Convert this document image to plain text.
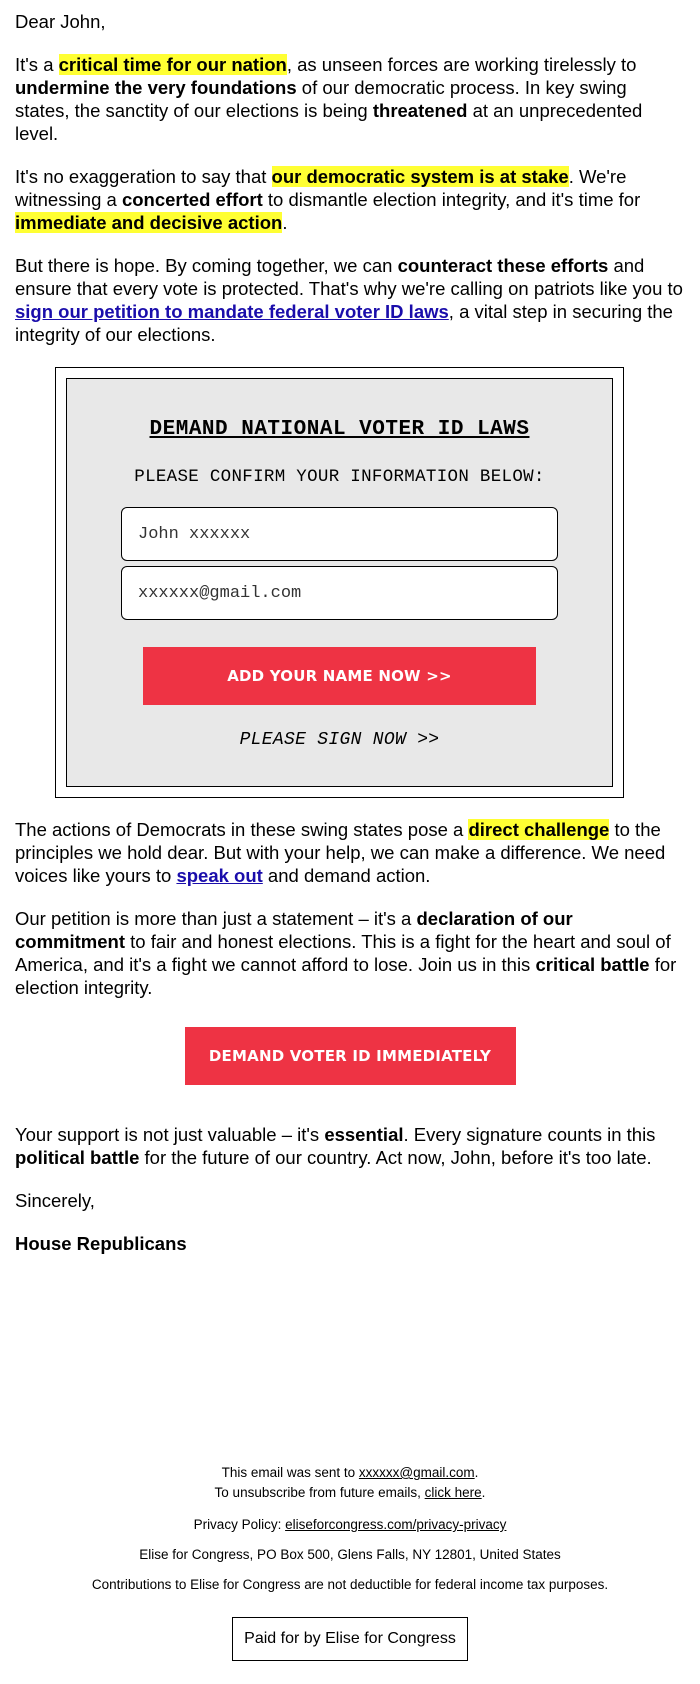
Dear John,

It's a critical time for our nation, as unseen forces are working tirelessly to undermine the very foundations of our democratic process. In key swing states, the sanctity of our elections is being threatened at an unprecedented level.

It's no exaggeration to say that our democratic system is at stake. We're witnessing a concerted effort to dismantle election integrity, and it's time for immediate and decisive action.

But there is hope. By coming together, we can counteract these efforts and ensure that every vote is protected. That's why we're calling on patriots like you to sign our petition to mandate federal voter ID laws, a vital step in securing the integrity of our elections.

DEMAND NATIONAL VOTER ID LAWS
PLEASE CONFIRM YOUR INFORMATION BELOW:
John xxxxxx
xxxxxx@gmail.com ADD YOUR NAME NOW >>
PLEASE SIGN NOW >>

The actions of Democrats in these swing states pose a direct challenge to the principles we hold dear. But with your help, we can make a difference. We need voices like yours to speak out and demand action.

Our petition is more than just a statement – it's a declaration of our commitment to fair and honest elections. This is a fight for the heart and soul of America, and it's a fight we cannot afford to lose. Join us in this critical battle for election integrity.

DEMAND VOTER ID IMMEDIATELY

Your support is not just valuable – it's essential. Every signature counts in this political battle for the future of our country. Act now, John, before it's too late.

Sincerely,

House Republicans

This email was sent to xxxxxx@gmail.com.

To unsubscribe from future emails, click here.

Privacy Policy: eliseforcongress.com/privacy-privacy

Elise for Congress, PO Box 500, Glens Falls, NY 12801, United States

Contributions to Elise for Congress are not deductible for federal income tax purposes.

Paid for by Elise for Congress
